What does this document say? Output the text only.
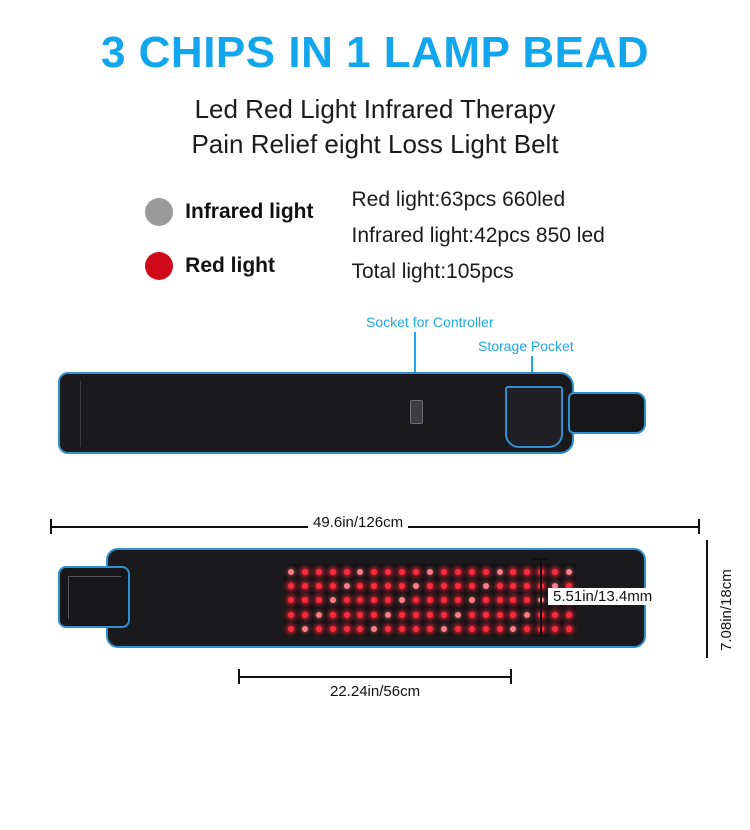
3 CHIPS IN 1 LAMP BEAD
Led Red Light Infrared Therapy
Pain Relief eight Loss Light Belt
Infrared light
Red light
Red light:63pcs 660led
Infrared light:42pcs 850 led
Total light:105pcs
Socket for Controller
Storage Pocket
49.6in/126cm
7.08in/18cm
5.51in/13.4mm
22.24in/56cm
